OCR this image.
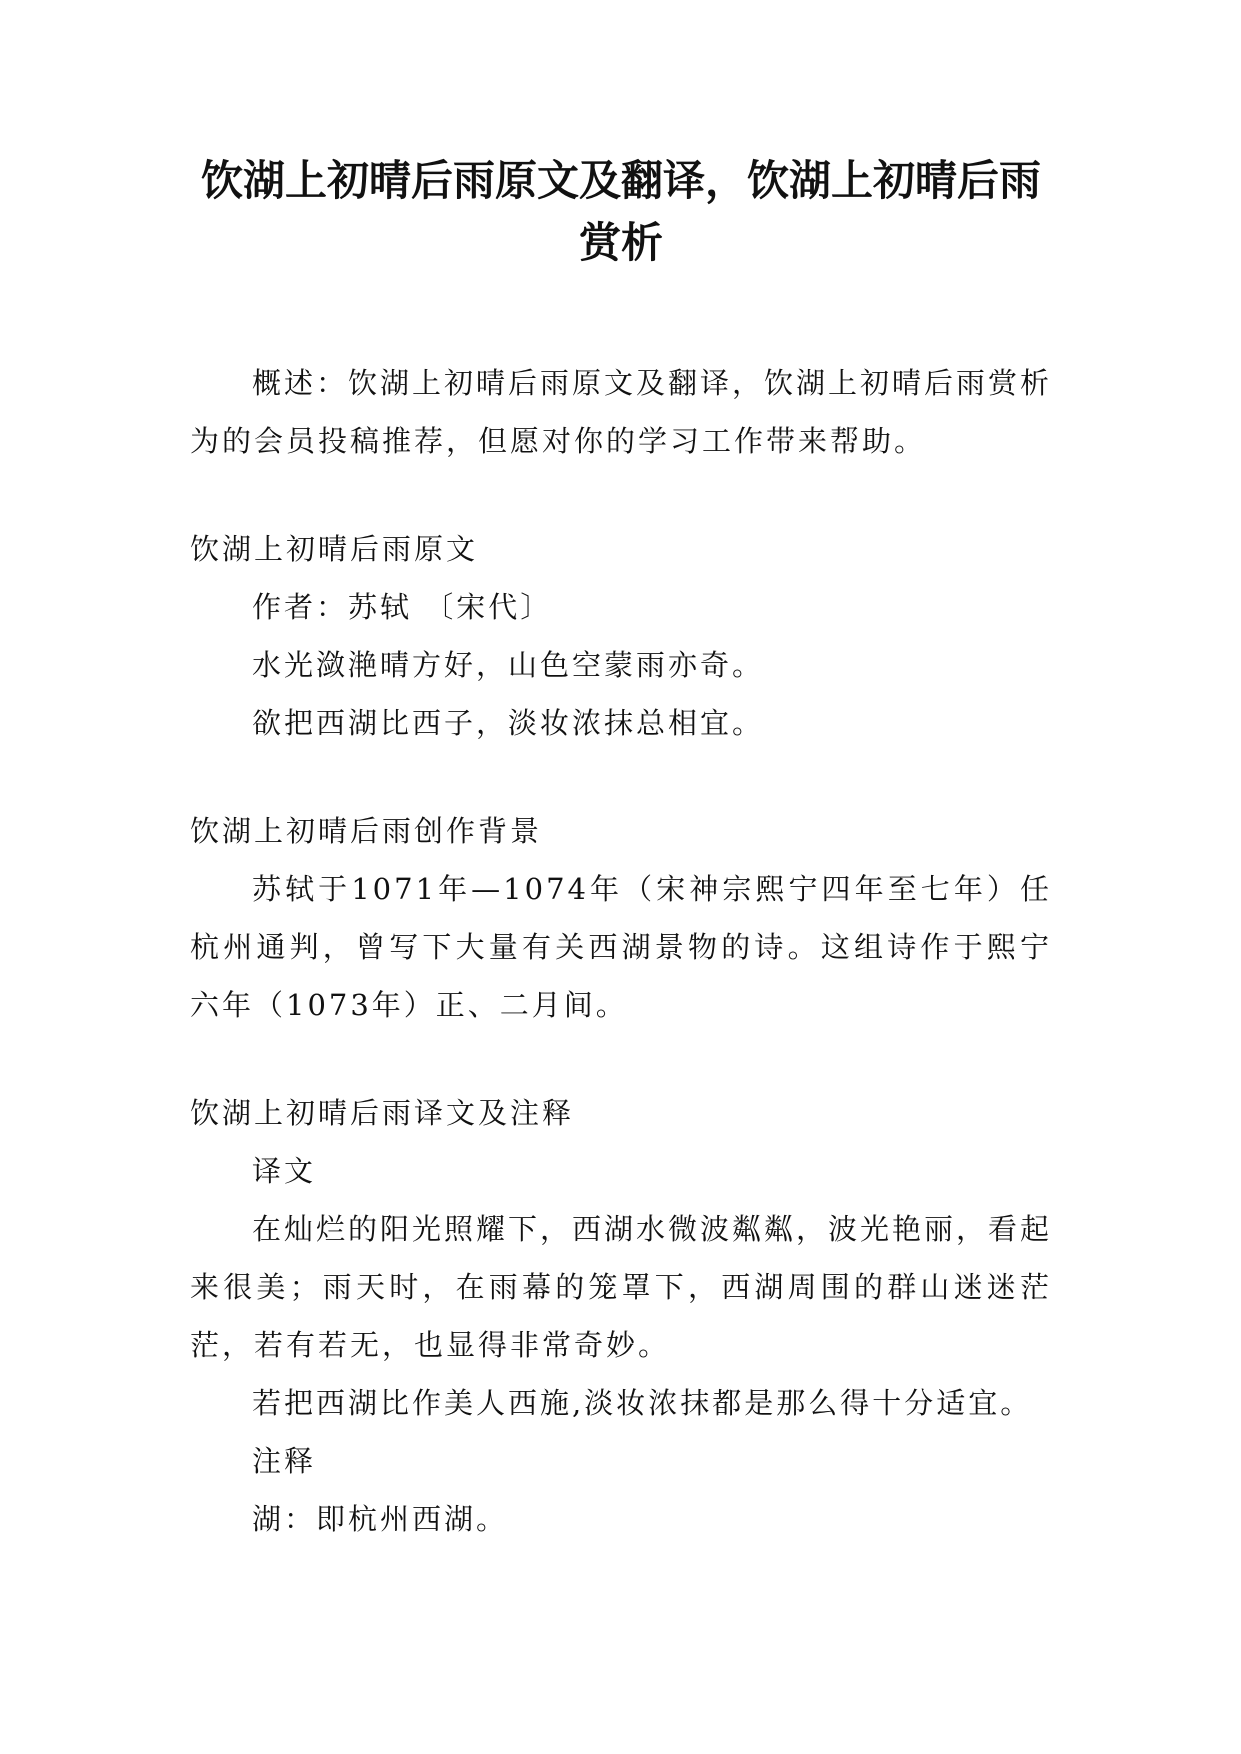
饮湖上初晴后雨原文及翻译，饮湖上初晴后雨赏析

概述：饮湖上初晴后雨原文及翻译，饮湖上初晴后雨赏析为的会员投稿推荐，但愿对你的学习工作带来帮助。

饮湖上初晴后雨原文
作者：苏轼 〔宋代〕
水光潋滟晴方好，山色空蒙雨亦奇。
欲把西湖比西子，淡妆浓抹总相宜。
饮湖上初晴后雨创作背景
苏轼于1071年—1074年（宋神宗熙宁四年至七年）任杭州通判，曾写下大量有关西湖景物的诗。这组诗作于熙宁六年（1073年）正、二月间。
饮湖上初晴后雨译文及注释
译文
在灿烂的阳光照耀下，西湖水微波粼粼，波光艳丽，看起来很美；雨天时，在雨幕的笼罩下，西湖周围的群山迷迷茫茫，若有若无，也显得非常奇妙。
若把西湖比作美人西施,淡妆浓抹都是那么得十分适宜。
注释
湖：即杭州西湖。
